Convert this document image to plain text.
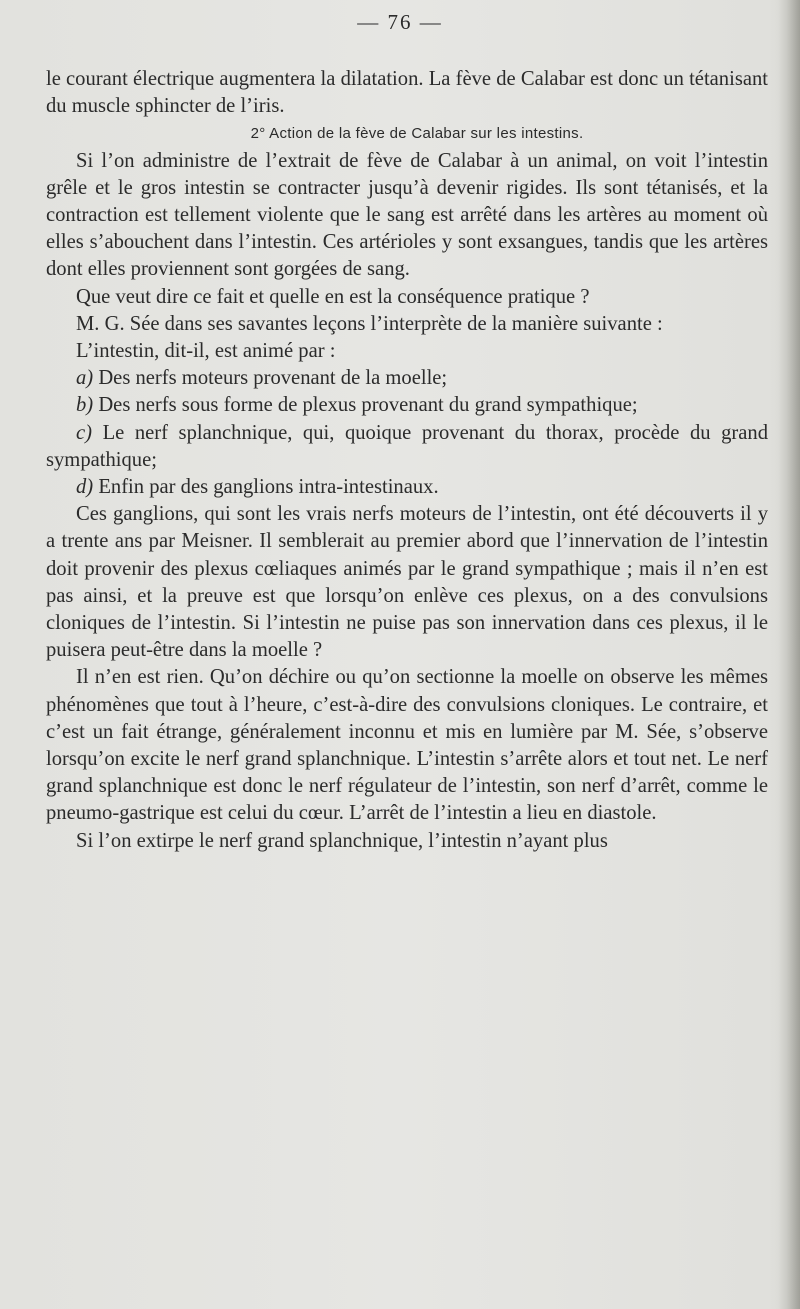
— 76 —

le courant électrique augmentera la dilatation. La fève de Calabar est donc un tétanisant du muscle sphincter de l’iris.

2° Action de la fève de Calabar sur les intestins.

Si l’on administre de l’extrait de fève de Calabar à un animal, on voit l’intestin grêle et le gros intestin se contracter jusqu’à devenir rigides. Ils sont tétanisés, et la contraction est tellement violente que le sang est arrêté dans les artères au moment où elles s’abouchent dans l’intestin. Ces artérioles y sont exsangues, tandis que les artères dont elles proviennent sont gorgées de sang.

Que veut dire ce fait et quelle en est la conséquence pratique ?

M. G. Sée dans ses savantes leçons l’interprète de la manière suivante :

L’intestin, dit-il, est animé par :

a) Des nerfs moteurs provenant de la moelle;

b) Des nerfs sous forme de plexus provenant du grand sympathique;

c) Le nerf splanchnique, qui, quoique provenant du thorax, procède du grand sympathique;

d) Enfin par des ganglions intra-intestinaux.

Ces ganglions, qui sont les vrais nerfs moteurs de l’intestin, ont été découverts il y a trente ans par Meisner. Il semblerait au premier abord que l’innervation de l’intestin doit provenir des plexus cœliaques animés par le grand sympathique ; mais il n’en est pas ainsi, et la preuve est que lorsqu’on enlève ces plexus, on a des convulsions cloniques de l’intestin. Si l’intestin ne puise pas son innervation dans ces plexus, il le puisera peut-être dans la moelle ?

Il n’en est rien. Qu’on déchire ou qu’on sectionne la moelle on observe les mêmes phénomènes que tout à l’heure, c’est-à-dire des convulsions cloniques. Le contraire, et c’est un fait étrange, généralement inconnu et mis en lumière par M. Sée, s’observe lorsqu’on excite le nerf grand splanchnique. L’intestin s’arrête alors et tout net. Le nerf grand splanchnique est donc le nerf régulateur de l’intestin, son nerf d’arrêt, comme le pneumo-gastrique est celui du cœur. L’arrêt de l’intestin a lieu en diastole.

Si l’on extirpe le nerf grand splanchnique, l’intestin n’ayant plus
